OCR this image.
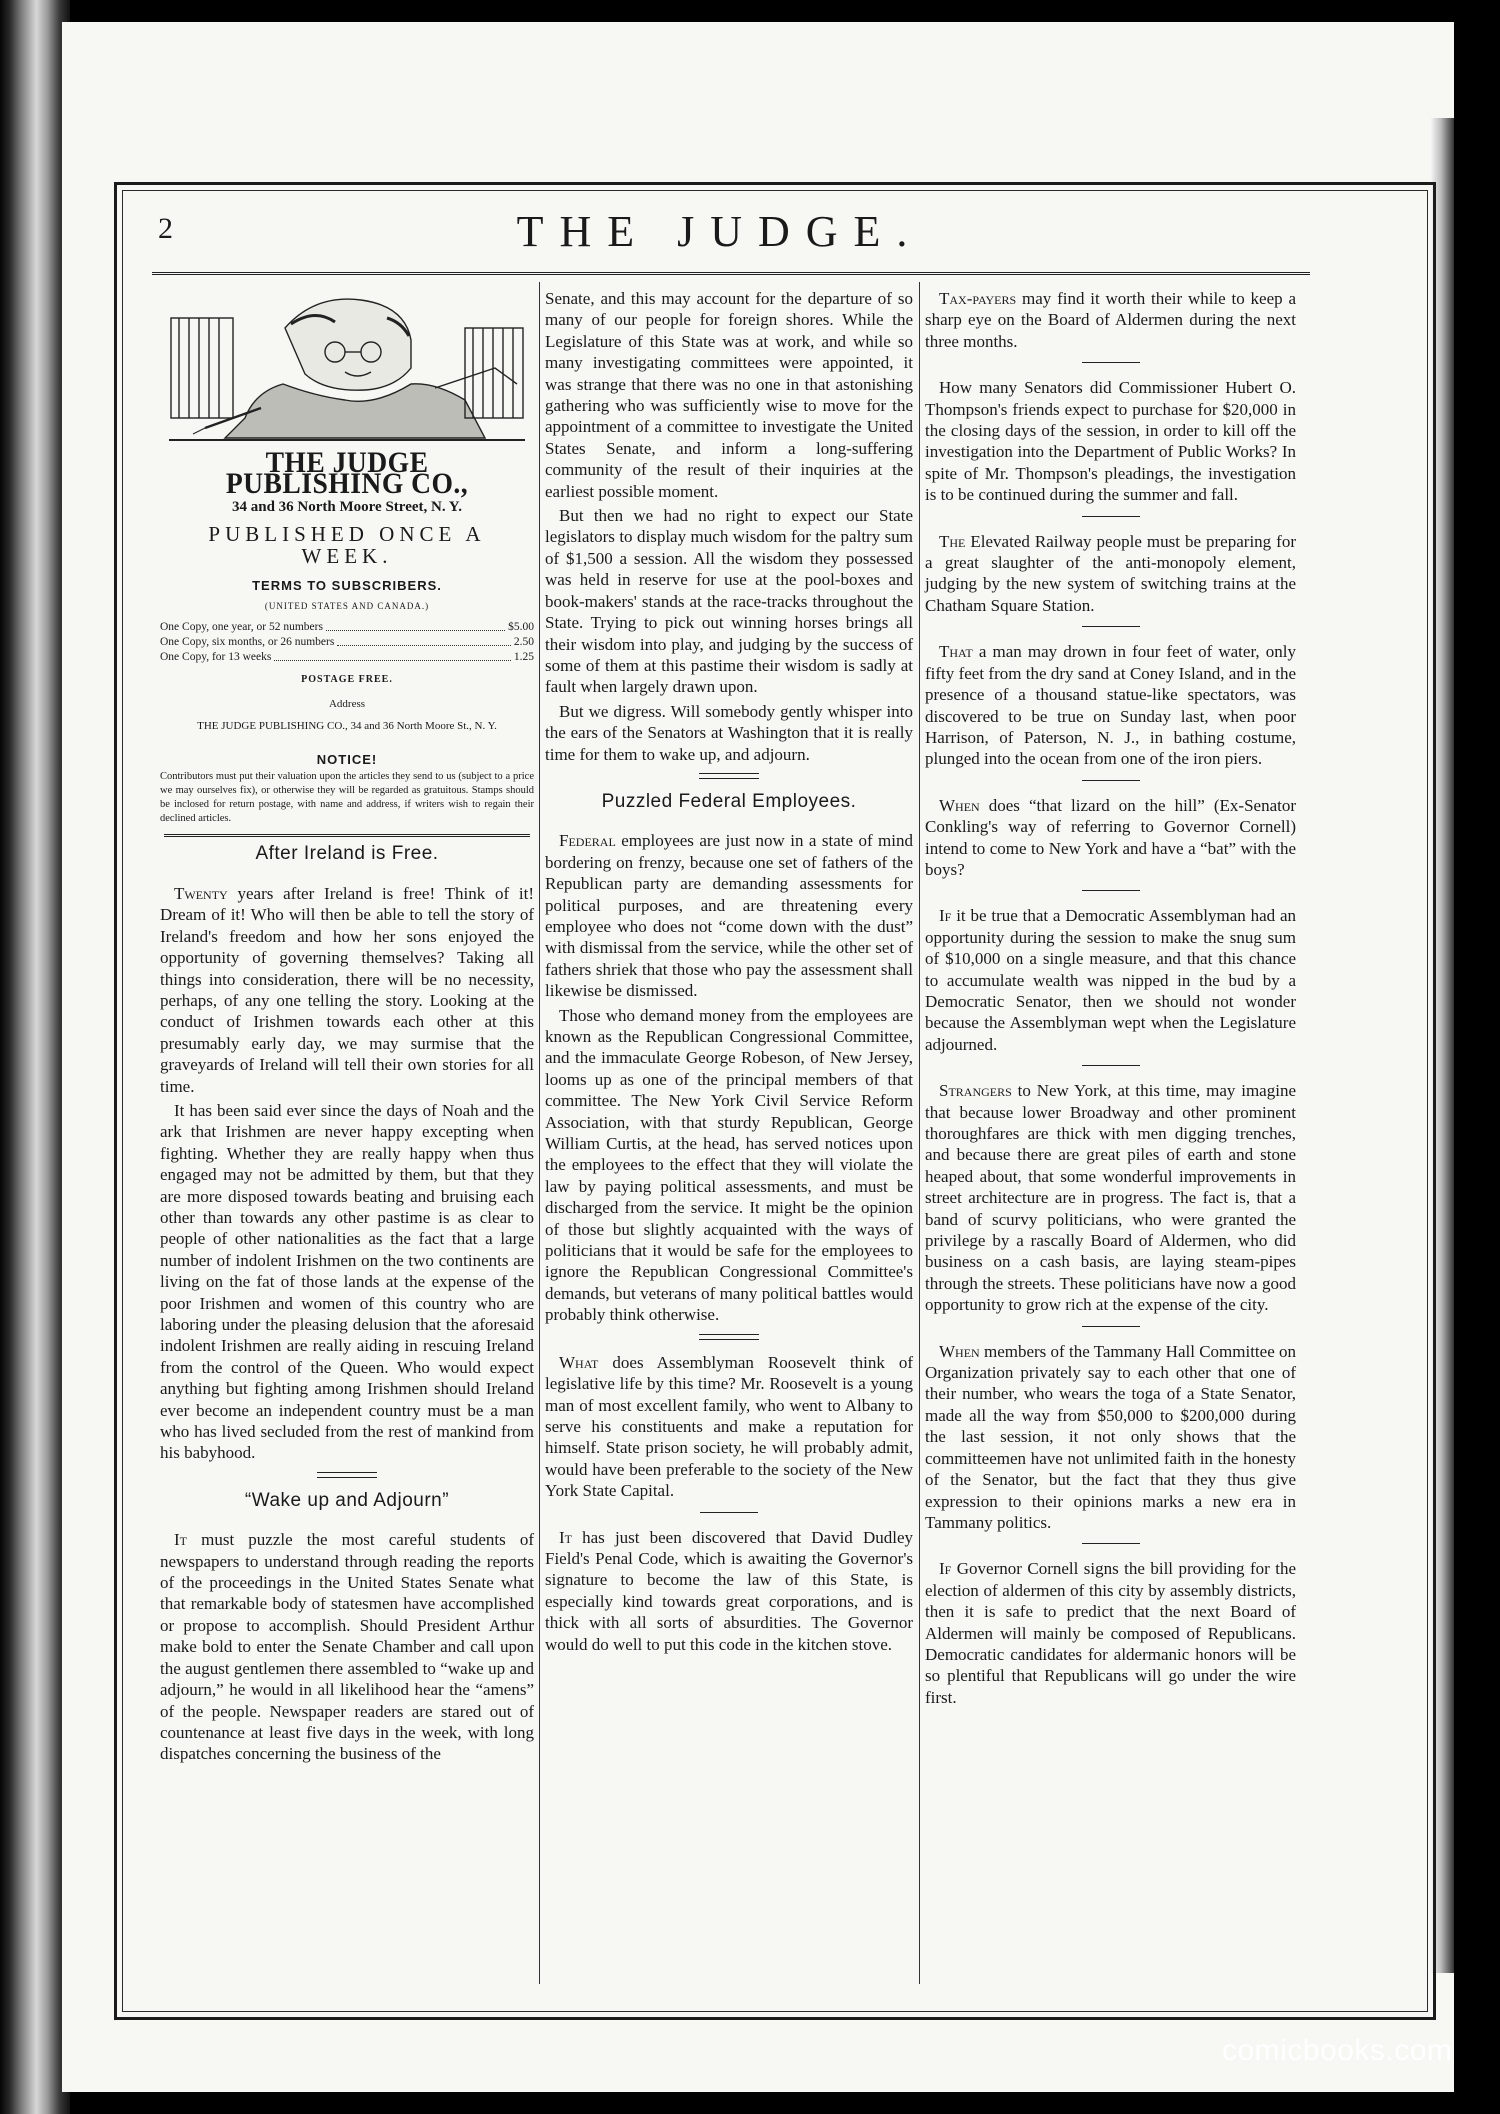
2	THE JUDGE.
THE JUDGE PUBLISHING CO.,
34 and 36 North Moore Street, N. Y.
PUBLISHED ONCE A WEEK.
TERMS TO SUBSCRIBERS.
(UNITED STATES AND CANADA.)
One Copy, one year, or 52 numbers	$5.00
One Copy, six months, or 26 numbers	2.50
One Copy, for 13 weeks	1.25
POSTAGE FREE.
Address
THE JUDGE PUBLISHING CO., 34 and 36 North Moore St., N. Y.
NOTICE!
Contributors must put their valuation upon the articles they send to us (subject to a price we may ourselves fix), or otherwise they will be regarded as gratuitous. Stamps should be inclosed for return postage, with name and address, if writers wish to regain their declined articles.
After Ireland is Free.

Twenty years after Ireland is free! Think of it! Dream of it! Who will then be able to tell the story of Ireland's freedom and how her sons enjoyed the opportunity of governing themselves? Taking all things into consideration, there will be no necessity, perhaps, of any one telling the story. Looking at the conduct of Irishmen towards each other at this presumably early day, we may surmise that the graveyards of Ireland will tell their own stories for all time.

It has been said ever since the days of Noah and the ark that Irishmen are never happy excepting when fighting. Whether they are really happy when thus engaged may not be admitted by them, but that they are more disposed towards beating and bruising each other than towards any other pastime is as clear to people of other nationalities as the fact that a large number of indolent Irishmen on the two continents are living on the fat of those lands at the expense of the poor Irishmen and women of this country who are laboring under the pleasing delusion that the aforesaid indolent Irishmen are really aiding in rescuing Ireland from the control of the Queen. Who would expect anything but fighting among Irishmen should Ireland ever become an independent country must be a man who has lived secluded from the rest of mankind from his babyhood.

“Wake up and Adjourn”

It must puzzle the most careful students of newspapers to understand through reading the reports of the proceedings in the United States Senate what that remarkable body of statesmen have accomplished or propose to accomplish. Should President Arthur make bold to enter the Senate Chamber and call upon the august gentlemen there assembled to “wake up and adjourn,” he would in all likelihood hear the “amens” of the people. Newspaper readers are stared out of countenance at least five days in the week, with long dispatches concerning the business of the

Senate, and this may account for the departure of so many of our people for foreign shores. While the Legislature of this State was at work, and while so many investigating committees were appointed, it was strange that there was no one in that astonishing gathering who was sufficiently wise to move for the appointment of a committee to investigate the United States Senate, and inform a long-suffering community of the result of their inquiries at the earliest possible moment.

But then we had no right to expect our State legislators to display much wisdom for the paltry sum of $1,500 a session. All the wisdom they possessed was held in reserve for use at the pool-boxes and book-makers' stands at the race-tracks throughout the State. Trying to pick out winning horses brings all their wisdom into play, and judging by the success of some of them at this pastime their wisdom is sadly at fault when largely drawn upon.

But we digress. Will somebody gently whisper into the ears of the Senators at Washington that it is really time for them to wake up, and adjourn.

Puzzled Federal Employees.

Federal employees are just now in a state of mind bordering on frenzy, because one set of fathers of the Republican party are demanding assessments for political purposes, and are threatening every employee who does not “come down with the dust” with dismissal from the service, while the other set of fathers shriek that those who pay the assessment shall likewise be dismissed.

Those who demand money from the employees are known as the Republican Congressional Committee, and the immaculate George Robeson, of New Jersey, looms up as one of the principal members of that committee. The New York Civil Service Reform Association, with that sturdy Republican, George William Curtis, at the head, has served notices upon the employees to the effect that they will violate the law by paying political assessments, and must be discharged from the service. It might be the opinion of those but slightly acquainted with the ways of politicians that it would be safe for the employees to ignore the Republican Congressional Committee's demands, but veterans of many political battles would probably think otherwise.

What does Assemblyman Roosevelt think of legislative life by this time? Mr. Roosevelt is a young man of most excellent family, who went to Albany to serve his constituents and make a reputation for himself. State prison society, he will probably admit, would have been preferable to the society of the New York State Capital.

It has just been discovered that David Dudley Field's Penal Code, which is awaiting the Governor's signature to become the law of this State, is especially kind towards great corporations, and is thick with all sorts of absurdities. The Governor would do well to put this code in the kitchen stove.

Tax-payers may find it worth their while to keep a sharp eye on the Board of Aldermen during the next three months.

How many Senators did Commissioner Hubert O. Thompson's friends expect to purchase for $20,000 in the closing days of the session, in order to kill off the investigation into the Department of Public Works? In spite of Mr. Thompson's pleadings, the investigation is to be continued during the summer and fall.

The Elevated Railway people must be preparing for a great slaughter of the anti-monopoly element, judging by the new system of switching trains at the Chatham Square Station.

That a man may drown in four feet of water, only fifty feet from the dry sand at Coney Island, and in the presence of a thousand statue-like spectators, was discovered to be true on Sunday last, when poor Harrison, of Paterson, N. J., in bathing costume, plunged into the ocean from one of the iron piers.

When does “that lizard on the hill” (Ex-Senator Conkling's way of referring to Governor Cornell) intend to come to New York and have a “bat” with the boys?

If it be true that a Democratic Assemblyman had an opportunity during the session to make the snug sum of $10,000 on a single measure, and that this chance to accumulate wealth was nipped in the bud by a Democratic Senator, then we should not wonder because the Assemblyman wept when the Legislature adjourned.

Strangers to New York, at this time, may imagine that because lower Broadway and other prominent thoroughfares are thick with men digging trenches, and because there are great piles of earth and stone heaped about, that some wonderful improvements in street architecture are in progress. The fact is, that a band of scurvy politicians, who were granted the privilege by a rascally Board of Aldermen, who did business on a cash basis, are laying steam-pipes through the streets. These politicians have now a good opportunity to grow rich at the expense of the city.

When members of the Tammany Hall Committee on Organization privately say to each other that one of their number, who wears the toga of a State Senator, made all the way from $50,000 to $200,000 during the last session, it not only shows that the committeemen have not unlimited faith in the honesty of the Senator, but the fact that they thus give expression to their opinions marks a new era in Tammany politics.

If Governor Cornell signs the bill providing for the election of aldermen of this city by assembly districts, then it is safe to predict that the next Board of Aldermen will mainly be composed of Republicans. Democratic candidates for aldermanic honors will be so plentiful that Republicans will go under the wire first.

comicbooks.com
